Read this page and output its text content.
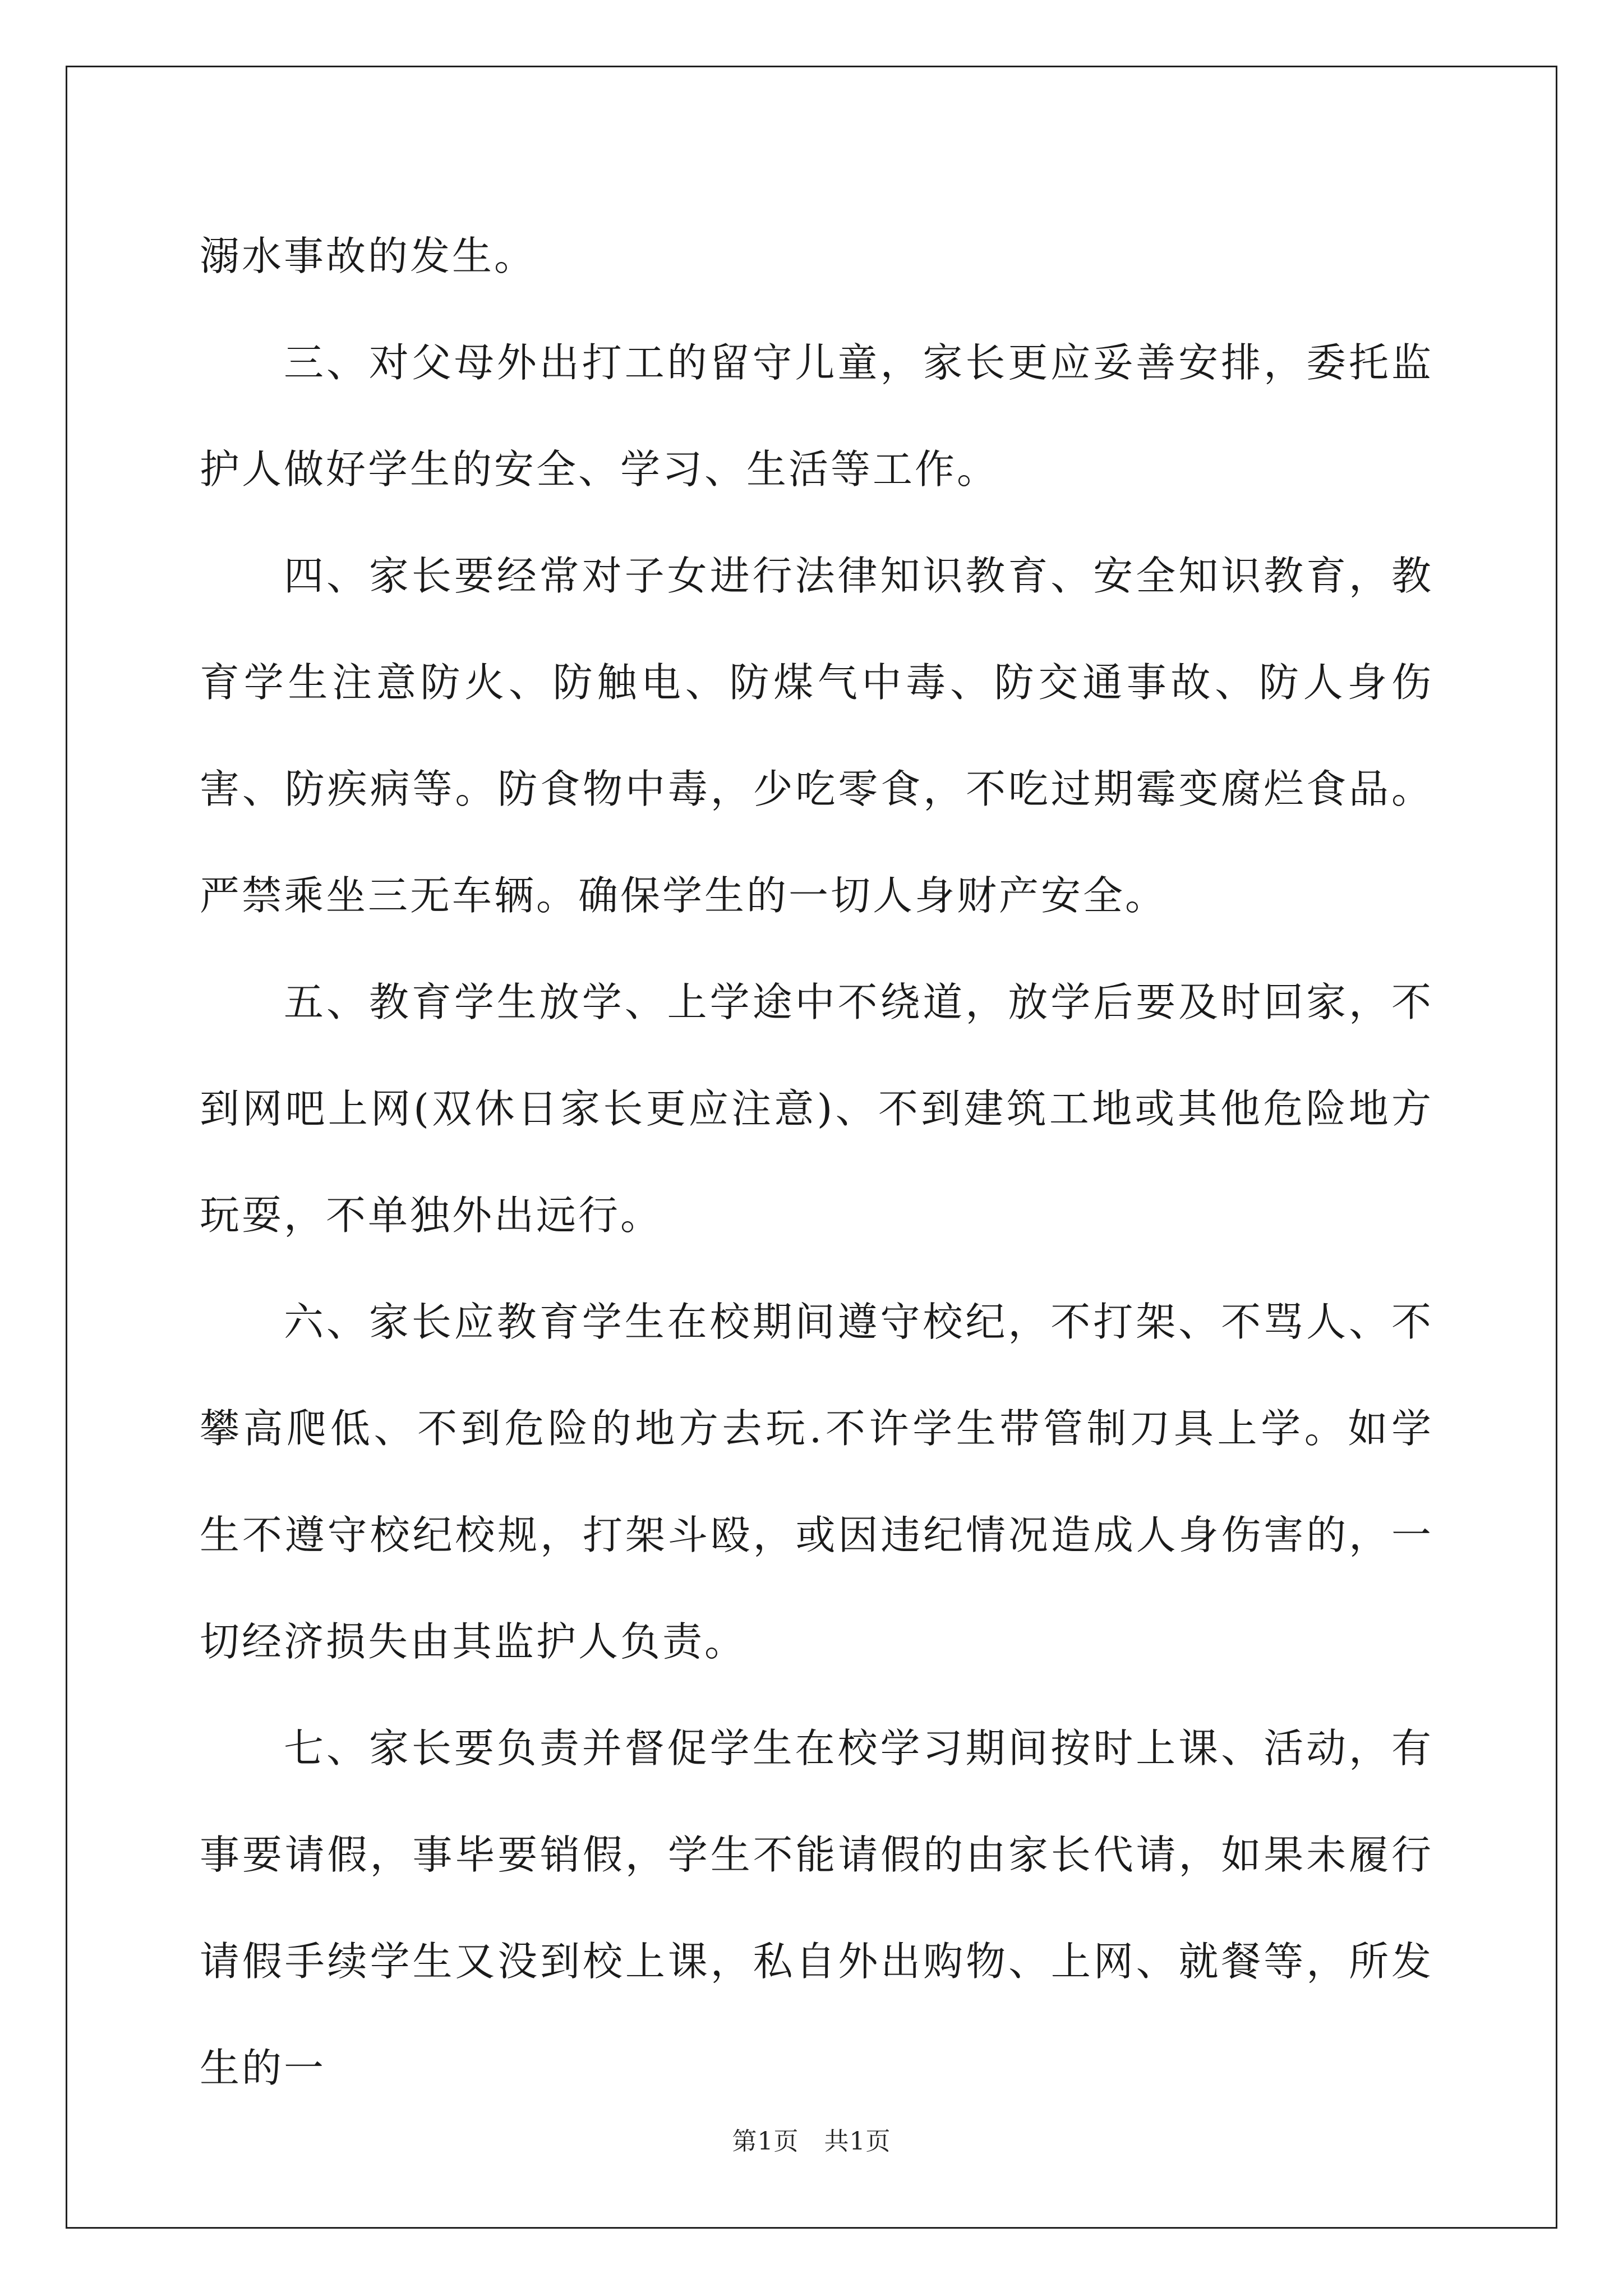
溺水事故的发生。

三、对父母外出打工的留守儿童，家长更应妥善安排，委托监护人做好学生的安全、学习、生活等工作。

四、家长要经常对子女进行法律知识教育、安全知识教育，教育学生注意防火、防触电、防煤气中毒、防交通事故、防人身伤害、防疾病等。防食物中毒，少吃零食，不吃过期霉变腐烂食品。严禁乘坐三无车辆。确保学生的一切人身财产安全。

五、教育学生放学、上学途中不绕道，放学后要及时回家，不到网吧上网(双休日家长更应注意)、不到建筑工地或其他危险地方玩耍，不单独外出远行。

六、家长应教育学生在校期间遵守校纪，不打架、不骂人、不攀高爬低、不到危险的地方去玩.不许学生带管制刀具上学。如学生不遵守校纪校规，打架斗殴，或因违纪情况造成人身伤害的，一切经济损失由其监护人负责。

七、家长要负责并督促学生在校学习期间按时上课、活动，有事要请假，事毕要销假，学生不能请假的由家长代请，如果未履行请假手续学生又没到校上课，私自外出购物、上网、就餐等，所发生的一

第1页　共1页
